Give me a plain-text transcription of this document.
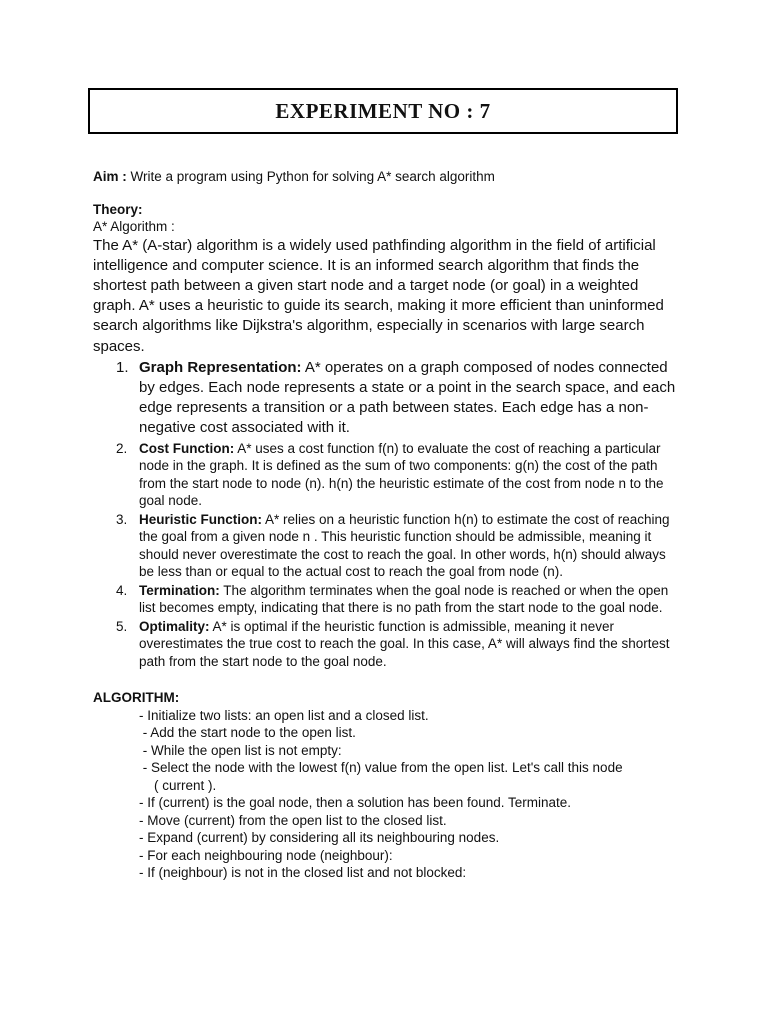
EXPERIMENT NO : 7

Aim : Write a program using Python for solving A* search algorithm

Theory:

A* Algorithm :

The A* (A-star) algorithm is a widely used pathfinding algorithm in the field of artificial intelligence and computer science. It is an informed search algorithm that finds the shortest path between a given start node and a target node (or goal) in a weighted graph. A* uses a heuristic to guide its search, making it more efficient than uninformed search algorithms like Dijkstra's algorithm, especially in scenarios with large search spaces.

1. Graph Representation: A* operates on a graph composed of nodes connected by edges. Each node represents a state or a point in the search space, and each edge represents a transition or a path between states. Each edge has a non-negative cost associated with it.
2. Cost Function: A* uses a cost function f(n) to evaluate the cost of reaching a particular node in the graph. It is defined as the sum of two components: g(n) the cost of the path from the start node to node (n). h(n) the heuristic estimate of the cost from node n to the goal node.
3. Heuristic Function: A* relies on a heuristic function h(n) to estimate the cost of reaching the goal from a given node n . This heuristic function should be admissible, meaning it should never overestimate the cost to reach the goal. In other words, h(n) should always be less than or equal to the actual cost to reach the goal from node (n).
4. Termination: The algorithm terminates when the goal node is reached or when the open list becomes empty, indicating that there is no path from the start node to the goal node.
5. Optimality: A* is optimal if the heuristic function is admissible, meaning it never overestimates the true cost to reach the goal. In this case, A* will always find the shortest path from the start node to the goal node.

ALGORITHM:

- Initialize two lists: an open list and a closed list.
- Add the start node to the open list.
- While the open list is not empty:
- Select the node with the lowest f(n) value from the open list. Let's call this node
( current ).
- If (current) is the goal node, then a solution has been found. Terminate.
- Move (current) from the open list to the closed list.
- Expand (current) by considering all its neighbouring nodes.
- For each neighbouring node (neighbour):
- If (neighbour) is not in the closed list and not blocked:
